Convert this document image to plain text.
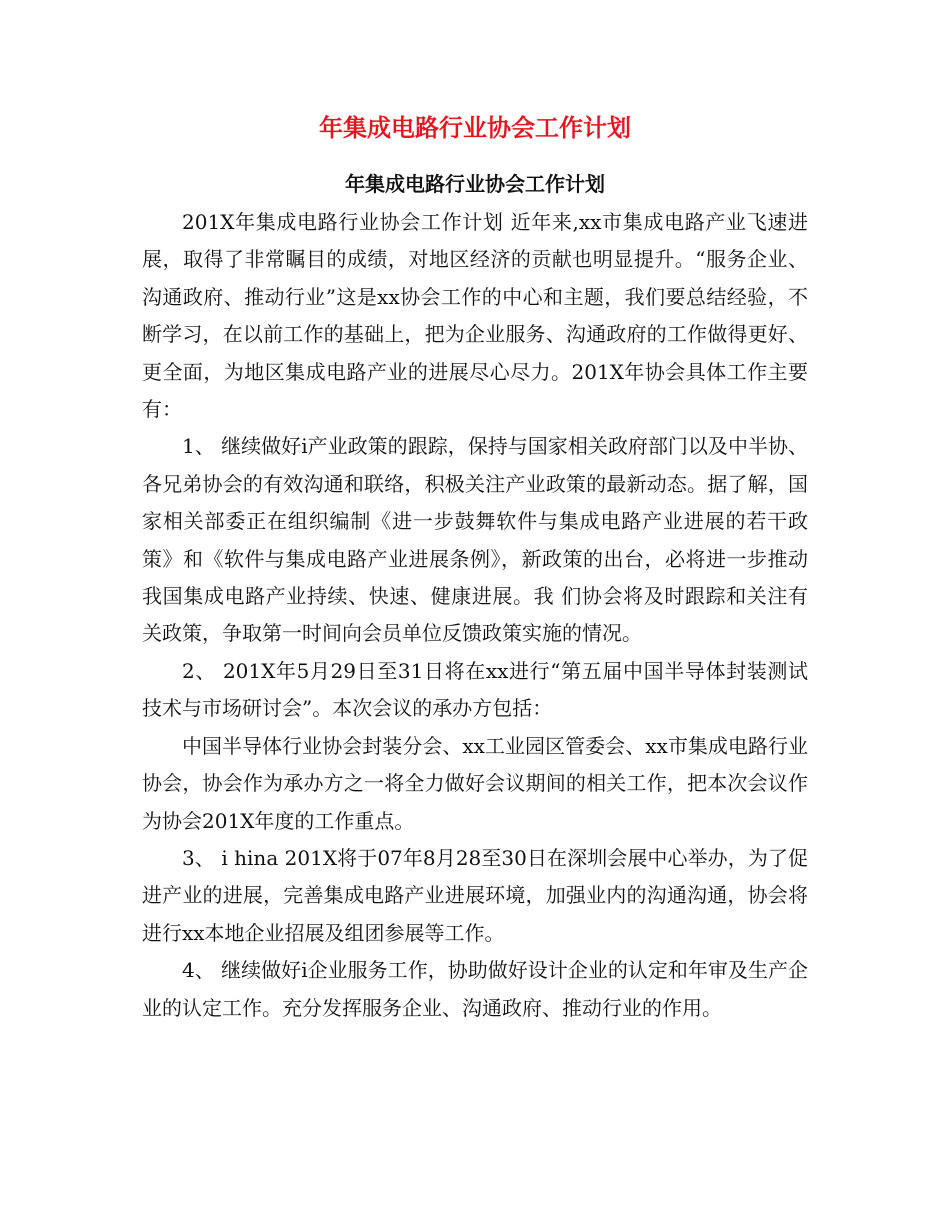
年集成电路行业协会工作计划
年集成电路行业协会工作计划

201X年集成电路行业协会工作计划 近年来,xx市集成电路产业飞速进展，取得了非常瞩目的成绩，对地区经济的贡献也明显提升。“服务企业、沟通政府、推动行业”这是xx协会工作的中心和主题，我们要总结经验，不断学习，在以前工作的基础上，把为企业服务、沟通政府的工作做得更好、更全面，为地区集成电路产业的进展尽心尽力。201X年协会具体工作主要有：

1、 继续做好i产业政策的跟踪，保持与国家相关政府部门以及中半协、各兄弟协会的有效沟通和联络，积极关注产业政策的最新动态。据了解，国家相关部委正在组织编制《进一步鼓舞软件与集成电路产业进展的若干政策》和《软件与集成电路产业进展条例》，新政策的出台，必将进一步推动我国集成电路产业持续、快速、健康进展。我 们协会将及时跟踪和关注有关政策，争取第一时间向会员单位反馈政策实施的情况。

2、 201X年5月29日至31日将在xx进行“第五届中国半导体封装测试技术与市场研讨会”。本次会议的承办方包括：

中国半导体行业协会封装分会、xx工业园区管委会、xx市集成电路行业协会，协会作为承办方之一将全力做好会议期间的相关工作，把本次会议作为协会201X年度的工作重点。

3、 i hina 201X将于07年8月28至30日在深圳会展中心举办，为了促进产业的进展，完善集成电路产业进展环境，加强业内的沟通沟通，协会将进行xx本地企业招展及组团参展等工作。

4、 继续做好i企业服务工作，协助做好设计企业的认定和年审及生产企业的认定工作。充分发挥服务企业、沟通政府、推动行业的作用。
